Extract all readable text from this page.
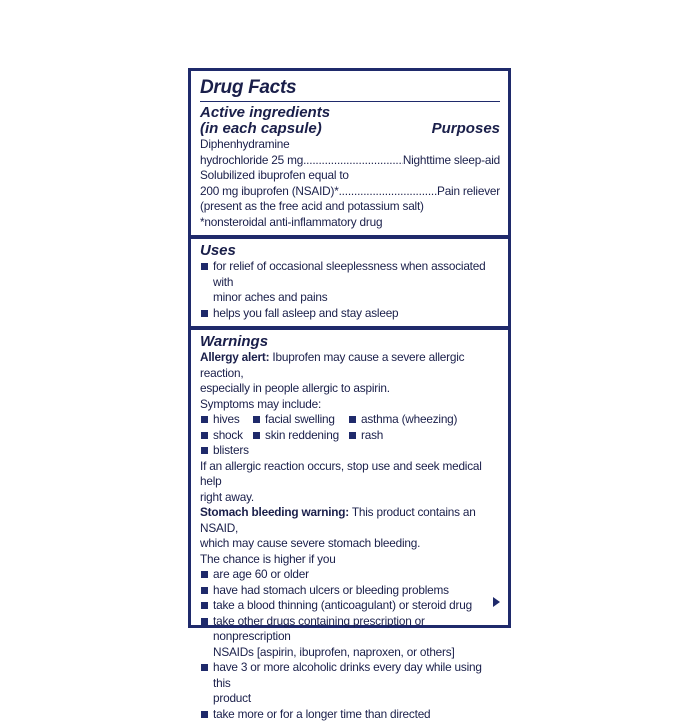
Drug Facts
Active ingredients
(in each capsule)	Purposes
Diphenhydramine
hydrochloride 25 mg .....	Nighttime sleep-aid
Solubilized ibuprofen equal to
200 mg ibuprofen (NSAID)* .....	Pain reliever
(present as the free acid and potassium salt)
*nonsteroidal anti-inflammatory drug
Uses
for relief of occasional sleeplessness when associated with
minor aches and pains
helps you fall asleep and stay asleep
Warnings
Allergy alert: Ibuprofen may cause a severe allergic reaction,
especially in people allergic to aspirin.
Symptoms may include:
hives facial swelling asthma (wheezing)
shock skin reddening rash
blisters
If an allergic reaction occurs, stop use and seek medical help
right away.
Stomach bleeding warning: This product contains an NSAID,
which may cause severe stomach bleeding.
The chance is higher if you
are age 60 or older
have had stomach ulcers or bleeding problems
take a blood thinning (anticoagulant) or steroid drug
take other drugs containing prescription or nonprescription
NSAIDs [aspirin, ibuprofen, naproxen, or others]
have 3 or more alcoholic drinks every day while using this
product
take more or for a longer time than directed
